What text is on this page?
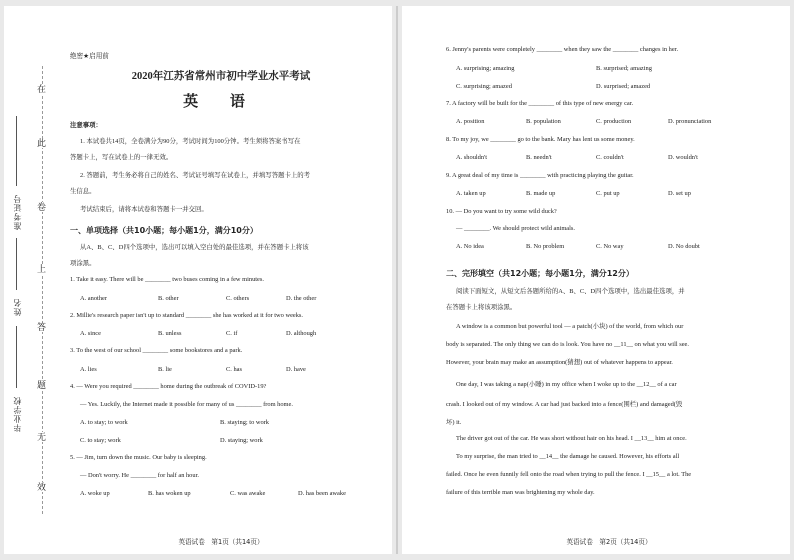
在
此
卷
上
答
题
无
效
准考证号
姓名
毕业学校
绝密★启用前
2020年江苏省常州市初中学业水平考试
英 语
注意事项：
1. 本试卷共14页，全卷满分为90分，考试时间为100分钟。考生须将答案书写在
答题卡上，写在试卷上的一律无效。
2. 答题前，考生务必将自己的姓名、考试证号填写在试卷上，并填写答题卡上的考
生信息。
考试结束后，请将本试卷和答题卡一并交回。
一、单项选择（共10小题；每小题1分，满分10分）
从A、B、C、D四个选项中，选出可以填入空白处的最佳选项，并在答题卡上将该
项涂黑。
1. Take it easy. There will be ________ two buses coming in a few minutes.
A. another	B. other	C. others	D. the other
2. Millie's research paper isn't up to standard ________ she has worked at it for two weeks.
A. since	B. unless	C. if	D. although
3. To the west of our school ________ some bookstores and a park.
A. lies	B. lie	C. has	D. have
4. — Were you required ________ home during the outbreak of COVID-19?
— Yes. Luckily, the Internet made it possible for many of us ________ from home.
A. to stay; to work	B. staying; to work
C. to stay; work	D. staying; work
5. — Jim, turn down the music. Our baby is sleeping.
— Don't worry. He ________ for half an hour.
A. woke up	B. has woken up	C. was awake	D. has been awake
英语试卷　第1页（共14页）
6. Jenny's parents were completely ________ when they saw the ________ changes in her.
A. surprising; amazing	B. surprised; amazing
C. surprising; amazed	D. surprised; amazed
7. A factory will be built for the ________ of this type of new energy car.
A. position	B. population	C. production	D. pronunciation
8. To my joy, we ________ go to the bank. Mary has lent us some money.
A. shouldn't	B. needn't	C. couldn't	D. wouldn't
9. A great deal of my time is ________ with practicing playing the guitar.
A. taken up	B. made up	C. put up	D. set up
10. — Do you want to try some wild duck?
— ________. We should protect wild animals.
A. No idea	B. No problem	C. No way	D. No doubt
二、完形填空（共12小题；每小题1分，满分12分）
阅读下面短文，从短文后各题所给的A、B、C、D四个选项中，选出最佳选项，并
在答题卡上将该项涂黑。
A window is a common but powerful tool — a patch(小块) of the world, from which our
body is separated. The only thing we can do is look. You have no __11__ on what you will see.
However, your brain may make an assumption(猜想) out of whatever happens to appear.
One day, I was taking a nap(小睡) in my office when I woke up to the __12__ of a car
crash. I looked out of my window. A car had just backed into a fence(围栏) and damaged(毁
坏) it.
The driver got out of the car. He was short without hair on his head. I __13__ him at once.
To my surprise, the man tried to __14__ the damage he caused. However, his efforts all
failed. Once he even funnily fell onto the road when trying to pull the fence. I __15__ a lot. The
failure of this terrible man was brightening my whole day.
英语试卷　第2页（共14页）
